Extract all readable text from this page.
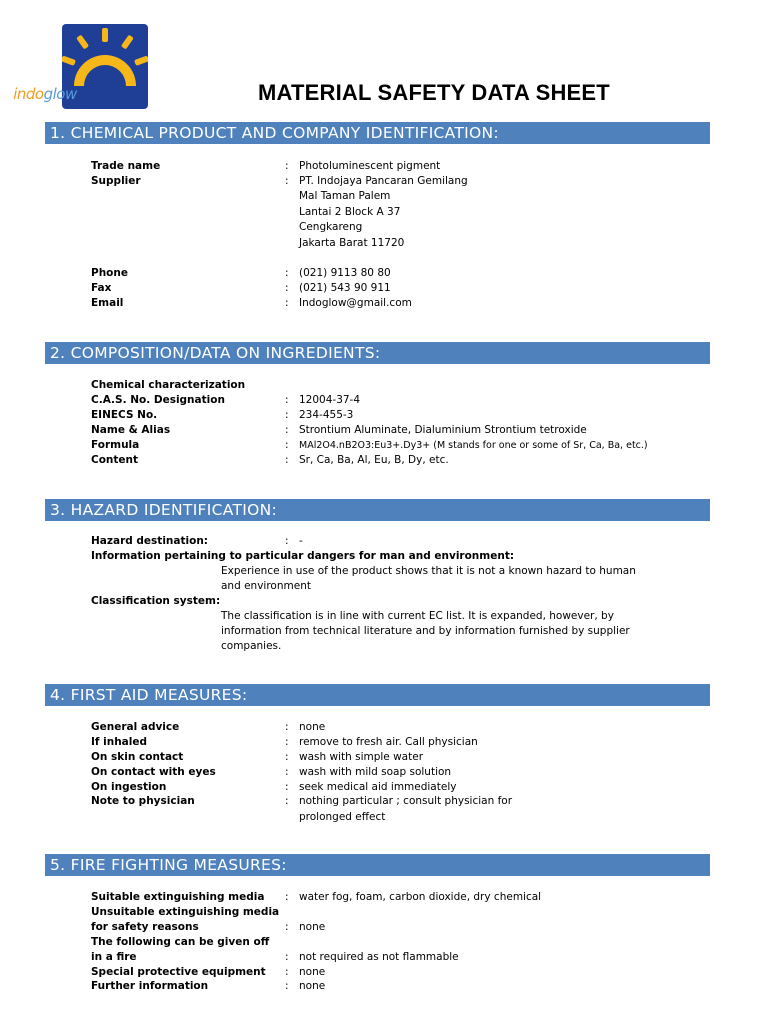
indoglow	MATERIAL SAFETY DATA SHEET
1. CHEMICAL PRODUCT AND COMPANY IDENTIFICATION:
Trade name	: Photoluminescent pigment
Supplier	: PT. Indojaya Pancaran Gemilang
Mal Taman Palem
Lantai 2 Block A 37
Cengkareng
Jakarta Barat 11720
Phone	: (021) 9113 80 80
Fax	: (021) 543 90 911
Email	: Indoglow@gmail.com
2. COMPOSITION/DATA ON INGREDIENTS:
Chemical characterization
C.A.S. No. Designation	: 12004-37-4
EINECS No.	: 234-455-3
Name & Alias	: Strontium Aluminate, Dialuminium Strontium tetroxide
Formula	: MAl2O4.nB2O3:Eu3+.Dy3+ (M stands for one or some of Sr, Ca, Ba, etc.)
Content	: Sr, Ca, Ba, Al, Eu, B, Dy, etc.
3. HAZARD IDENTIFICATION:
Hazard destination:	: -
Information pertaining to particular dangers for man and environment:
Experience in use of the product shows that it is not a known hazard to human
and environment
Classification system:
The classification is in line with current EC list. It is expanded, however, by
information from technical literature and by information furnished by supplier
companies.
4. FIRST AID MEASURES:
General advice	: none
If inhaled	: remove to fresh air. Call physician
On skin contact	: wash with simple water
On contact with eyes	: wash with mild soap solution
On ingestion	: seek medical aid immediately
Note to physician	: nothing particular ; consult physician for
prolonged effect
5. FIRE FIGHTING MEASURES:
Suitable extinguishing media : water fog, foam, carbon dioxide, dry chemical
Unsuitable extinguishing media
for safety reasons	: none
The following can be given off
in a fire	: not required as not flammable
Special protective equipment : none
Further information	: none
